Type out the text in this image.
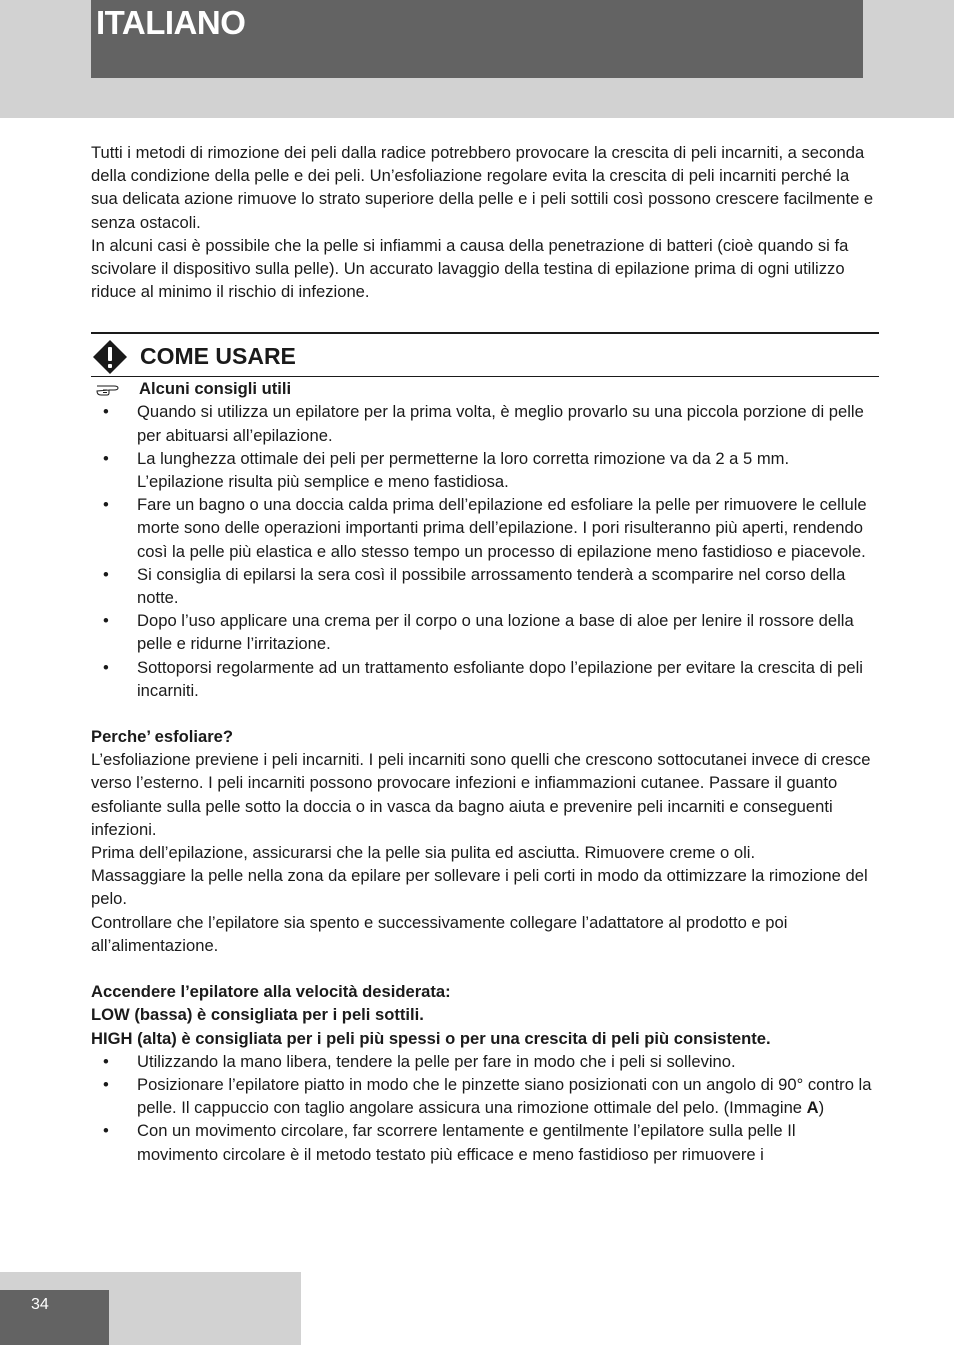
ITALIANO

Tutti i metodi di rimozione dei peli dalla radice potrebbero provocare la crescita di peli incarniti, a seconda della condizione della pelle e dei peli. Un’esfoliazione regolare evita la crescita di peli incarniti perché la sua delicata azione rimuove lo strato superiore della pelle e i peli sottili così possono crescere facilmente e senza ostacoli.

In alcuni casi è possibile che la pelle si infiammi a causa della penetrazione di batteri (cioè quando si fa scivolare il dispositivo sulla pelle). Un accurato lavaggio della testina di epilazione prima di ogni utilizzo riduce al minimo il rischio di infezione.

COME USARE
Alcuni consigli utili
• Quando si utilizza un epilatore per la prima volta, è meglio provarlo su una piccola porzione di pelle per abituarsi all’epilazione.
• La lunghezza ottimale dei peli per permetterne la loro corretta rimozione va da 2 a 5 mm. L’epilazione risulta più semplice e meno fastidiosa.
• Fare un bagno o una doccia calda prima dell’epilazione ed esfoliare la pelle per rimuovere le cellule morte sono delle operazioni importanti prima dell’epilazione. I pori risulteranno più aperti, rendendo così la pelle più elastica e allo stesso tempo un processo di epilazione meno fastidioso e piacevole.
• Si consiglia di epilarsi la sera così il possibile arrossamento tenderà a scomparire nel corso della notte.
• Dopo l’uso applicare una crema per il corpo o una lozione a base di aloe per lenire il rossore della pelle e ridurne l’irritazione.
• Sottoporsi regolarmente ad un trattamento esfoliante dopo l’epilazione per evitare la crescita di peli incarniti.

Perche’ esfoliare?

L’esfoliazione previene i peli incarniti. I peli incarniti sono quelli che crescono sottocutanei invece di cresce verso l’esterno. I peli incarniti possono provocare infezioni e infiammazioni cutanee. Passare il guanto esfoliante sulla pelle sotto la doccia o in vasca da bagno aiuta e prevenire peli incarniti e conseguenti infezioni.

Prima dell’epilazione, assicurarsi che la pelle sia pulita ed asciutta. Rimuovere creme o oli.

Massaggiare la pelle nella zona da epilare per sollevare i peli corti in modo da ottimizzare la rimozione del pelo.

Controllare che l’epilatore sia spento e successivamente collegare l’adattatore al prodotto e poi all’alimentazione.

Accendere l’epilatore alla velocità desiderata:

LOW (bassa) è consigliata per i peli sottili.

HIGH (alta) è consigliata per i peli più spessi o per una crescita di peli più consistente.

• Utilizzando la mano libera, tendere la pelle per fare in modo che i peli si sollevino.
• Posizionare l’epilatore piatto in modo che le pinzette siano posizionati con un angolo di 90° contro la pelle. Il cappuccio con taglio angolare assicura una rimozione ottimale del pelo. (Immagine A)
• Con un movimento circolare, far scorrere lentamente e gentilmente l’epilatore sulla pelle Il movimento circolare è il metodo testato più efficace e meno fastidioso per rimuovere i
34
